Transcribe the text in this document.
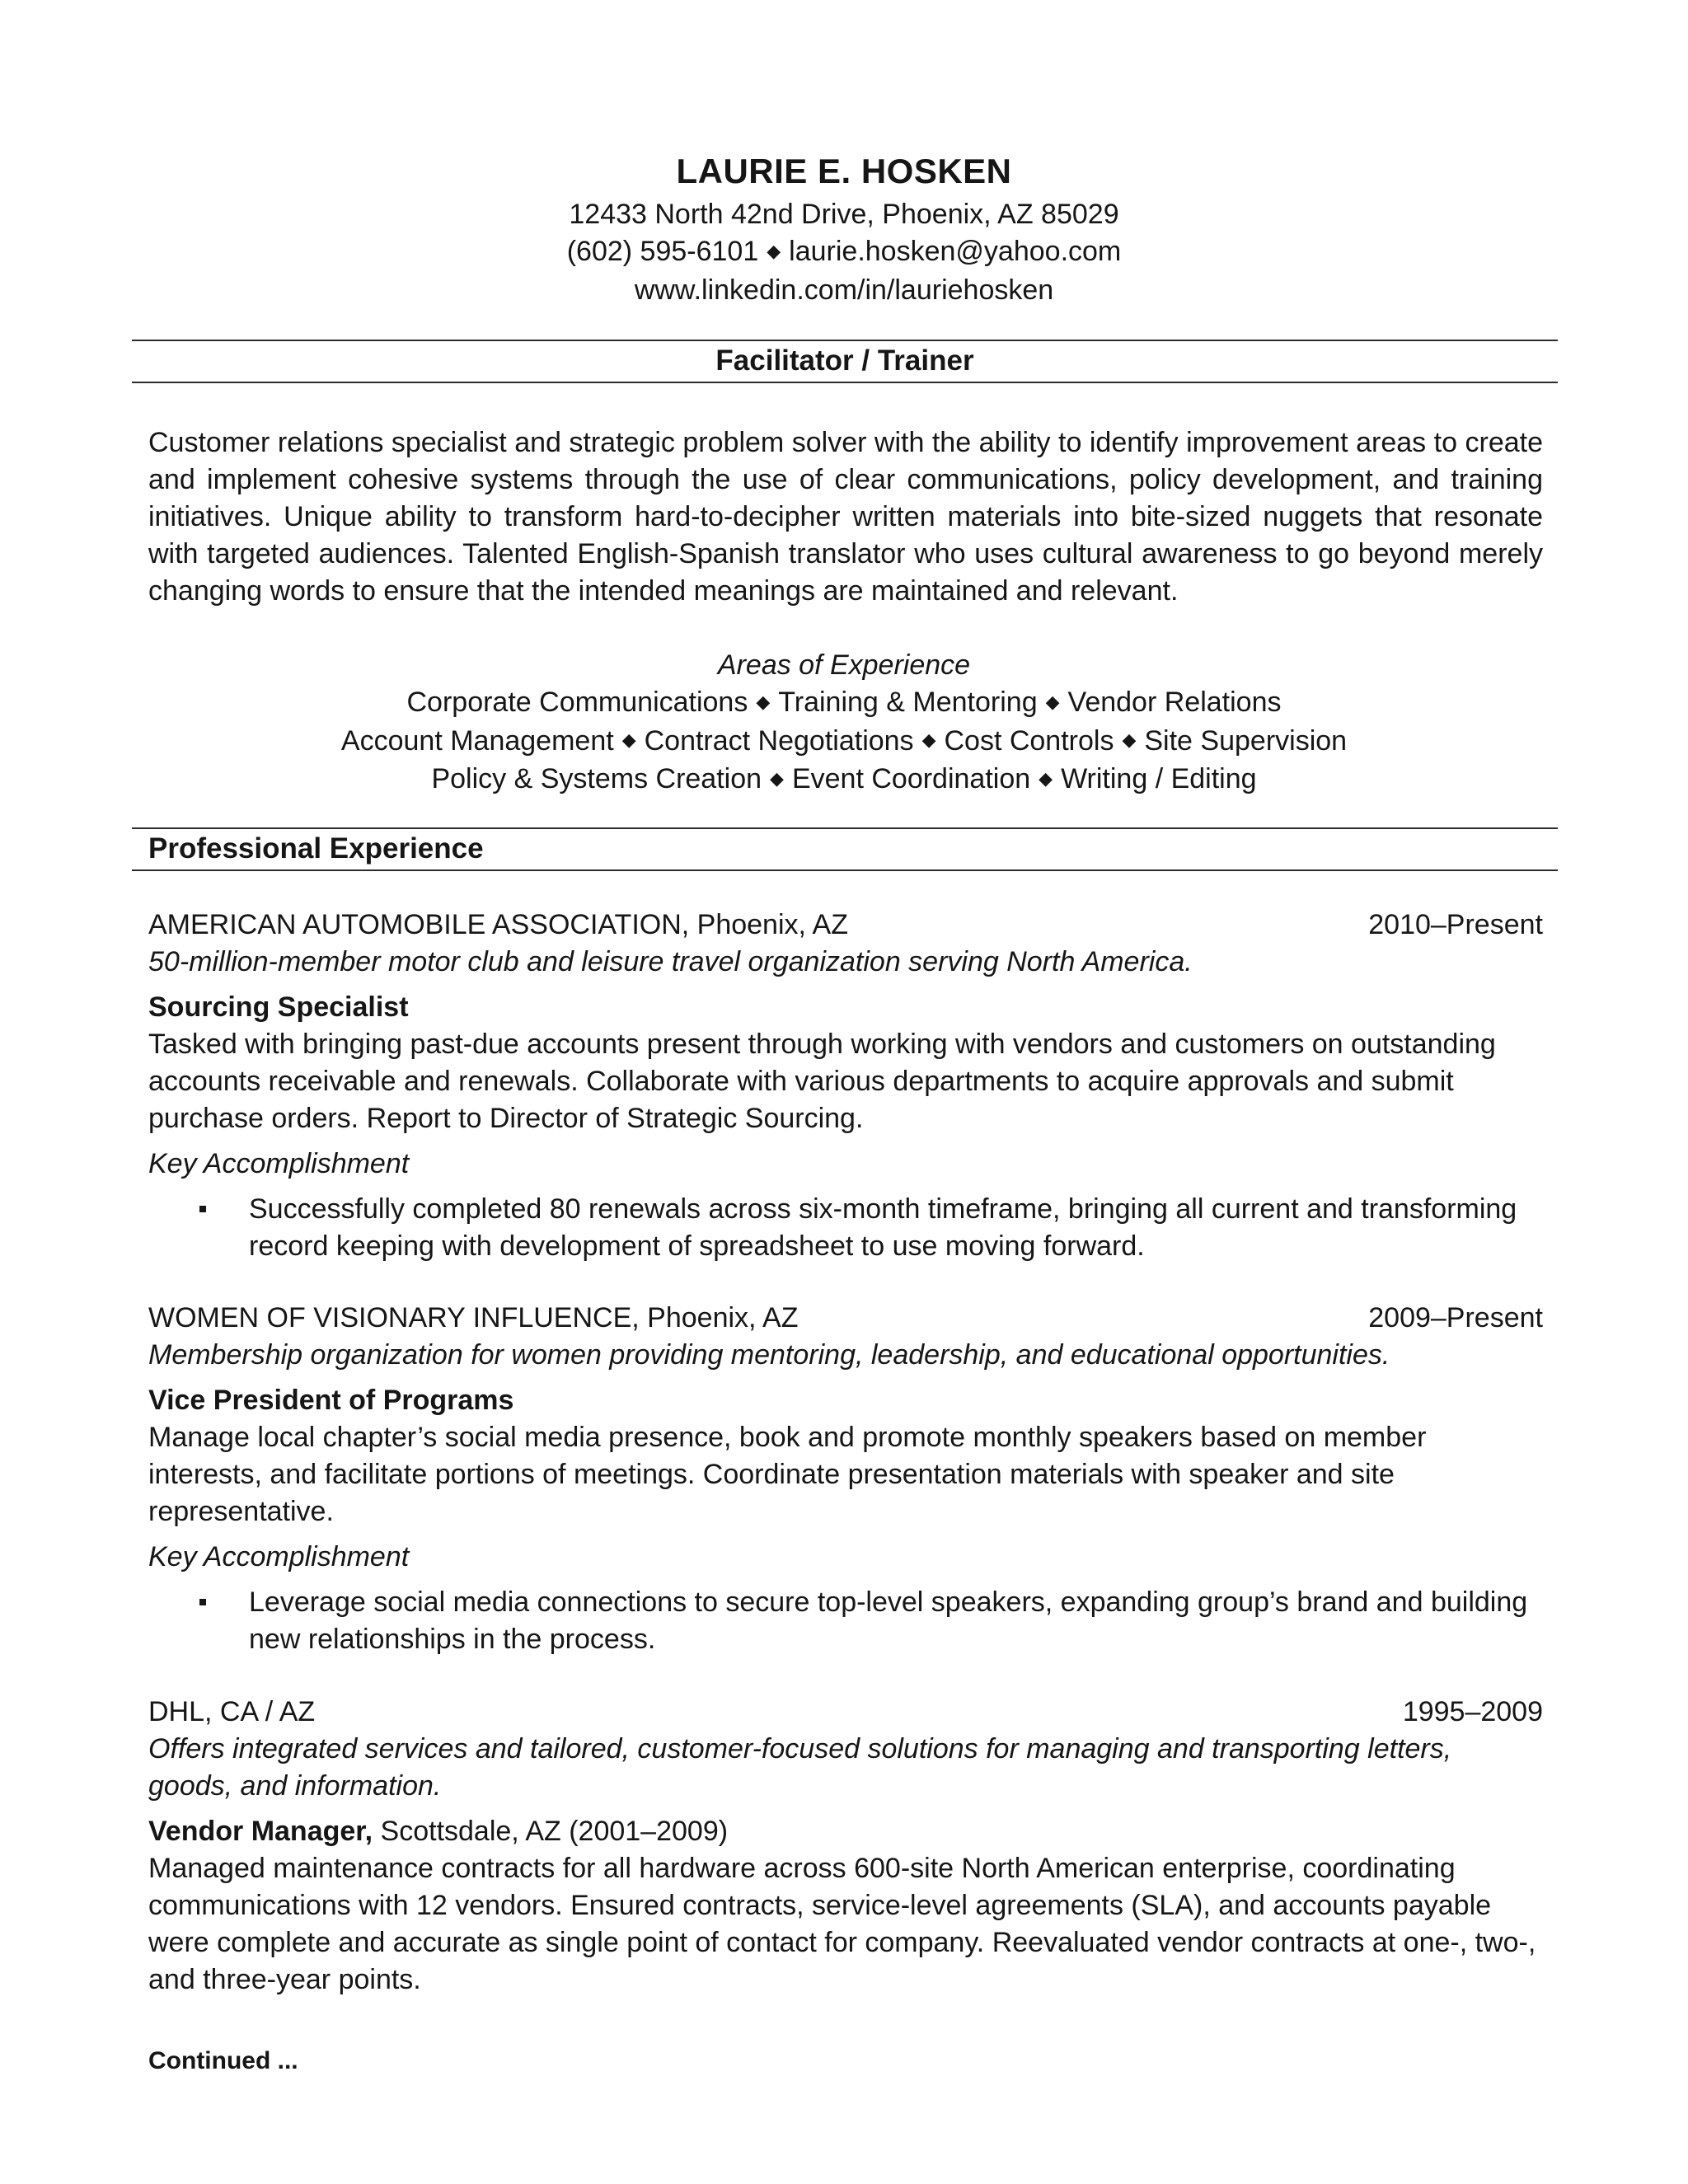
LAURIE E. HOSKEN
12433 North 42nd Drive, Phoenix, AZ 85029
(602) 595-6101 ◆ laurie.hosken@yahoo.com
www.linkedin.com/in/lauriehosken
Facilitator / Trainer
Customer relations specialist and strategic problem solver with the ability to identify improvement areas to create and implement cohesive systems through the use of clear communications, policy development, and training initiatives. Unique ability to transform hard-to-decipher written materials into bite-sized nuggets that resonate with targeted audiences. Talented English-Spanish translator who uses cultural awareness to go beyond merely changing words to ensure that the intended meanings are maintained and relevant.
Areas of Experience
Corporate Communications ◆ Training & Mentoring ◆ Vendor Relations
Account Management ◆ Contract Negotiations ◆ Cost Controls ◆ Site Supervision
Policy & Systems Creation ◆ Event Coordination ◆ Writing / Editing
Professional Experience
AMERICAN AUTOMOBILE ASSOCIATION, Phoenix, AZ	2010–Present
50-million-member motor club and leisure travel organization serving North America.
Sourcing Specialist
Tasked with bringing past-due accounts present through working with vendors and customers on outstanding accounts receivable and renewals. Collaborate with various departments to acquire approvals and submit purchase orders. Report to Director of Strategic Sourcing.
Key Accomplishment
Successfully completed 80 renewals across six-month timeframe, bringing all current and transforming record keeping with development of spreadsheet to use moving forward.
WOMEN OF VISIONARY INFLUENCE, Phoenix, AZ	2009–Present
Membership organization for women providing mentoring, leadership, and educational opportunities.
Vice President of Programs
Manage local chapter’s social media presence, book and promote monthly speakers based on member interests, and facilitate portions of meetings. Coordinate presentation materials with speaker and site representative.
Key Accomplishment
Leverage social media connections to secure top-level speakers, expanding group’s brand and building new relationships in the process.
DHL, CA / AZ	1995–2009
Offers integrated services and tailored, customer-focused solutions for managing and transporting letters, goods, and information.
Vendor Manager, Scottsdale, AZ (2001–2009)
Managed maintenance contracts for all hardware across 600-site North American enterprise, coordinating communications with 12 vendors. Ensured contracts, service-level agreements (SLA), and accounts payable were complete and accurate as single point of contact for company. Reevaluated vendor contracts at one-, two-, and three-year points.
Continued ...
